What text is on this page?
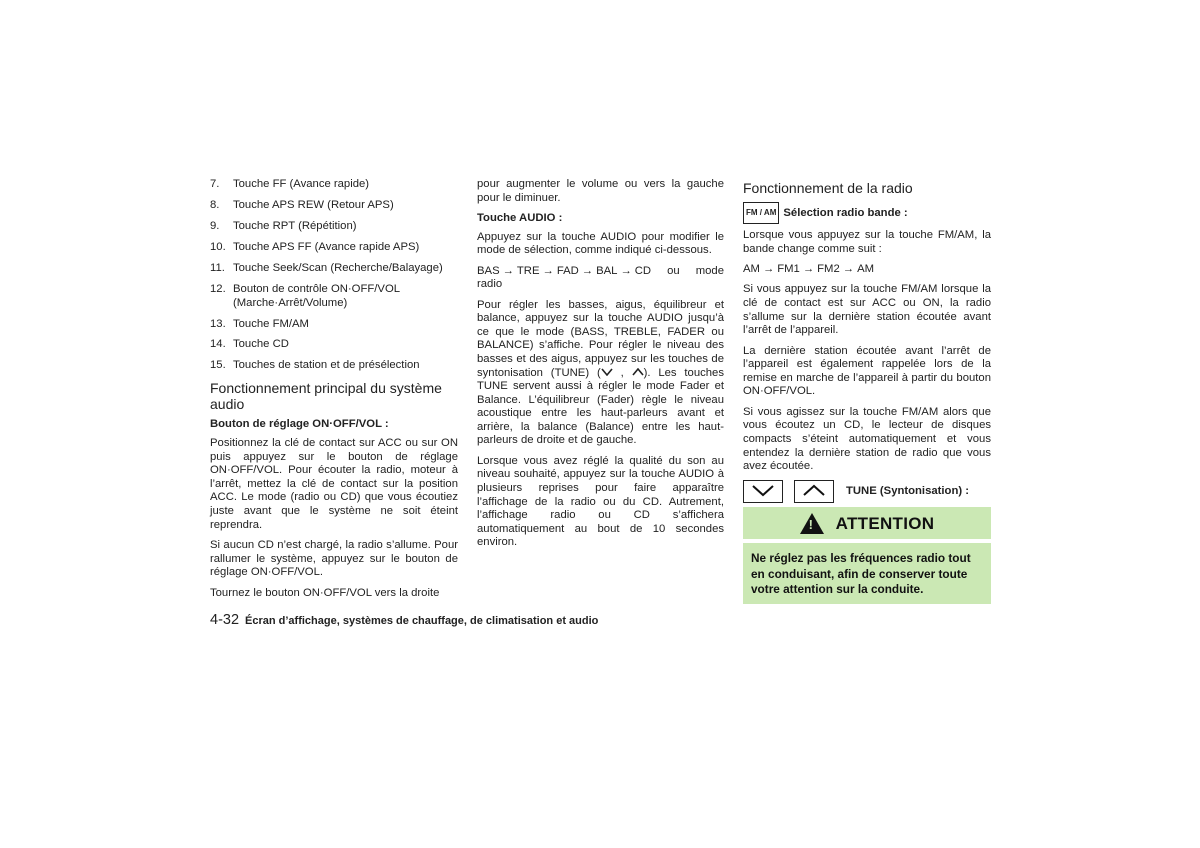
7.	Touche FF (Avance rapide)
8.	Touche APS REW (Retour APS)
9.	Touche RPT (Répétition)
10. Touche APS FF (Avance rapide APS)
11. Touche Seek/Scan (Recherche/Balayage)
12. Bouton de contrôle ON·OFF/VOL (Marche·Arrêt/Volume)
13. Touche FM/AM
14. Touche CD
15. Touches de station et de présélection
Fonctionnement principal du système audio
Bouton de réglage ON·OFF/VOL :
Positionnez la clé de contact sur ACC ou sur ON puis appuyez sur le bouton de réglage ON·OFF/VOL. Pour écouter la radio, moteur à l’arrêt, mettez la clé de contact sur la position ACC. Le mode (radio ou CD) que vous écoutiez juste avant que le système ne soit éteint reprendra.
Si aucun CD n’est chargé, la radio s’allume. Pour rallumer le système, appuyez sur le bouton de réglage ON·OFF/VOL.
Tournez le bouton ON·OFF/VOL vers la droite
pour augmenter le volume ou vers la gauche pour le diminuer.
Touche AUDIO :
Appuyez sur la touche AUDIO pour modifier le mode de sélection, comme indiqué ci-dessous.
BAS → TRE → FAD → BAL → CD ou mode radio
Pour régler les basses, aigus, équilibreur et balance, appuyez sur la touche AUDIO jusqu’à ce que le mode (BASS, TREBLE, FADER ou BALANCE) s’affiche. Pour régler le niveau des basses et des aigus, appuyez sur les touches de syntonisation (TUNE) ( , ). Les touches TUNE servent aussi à régler le mode Fader et Balance. L’équilibreur (Fader) règle le niveau acoustique entre les haut-parleurs avant et arrière, la balance (Balance) entre les haut-parleurs de droite et de gauche.
Lorsque vous avez réglé la qualité du son au niveau souhaité, appuyez sur la touche AUDIO à plusieurs reprises pour faire apparaître l’affichage de la radio ou du CD. Autrement, l’affichage radio ou CD s’affichera automatiquement au bout de 10 secondes environ.
Fonctionnement de la radio
FM / AM Sélection radio bande :
Lorsque vous appuyez sur la touche FM/AM, la bande change comme suit :
AM → FM1 → FM2 → AM
Si vous appuyez sur la touche FM/AM lorsque la clé de contact est sur ACC ou ON, la radio s’allume sur la dernière station écoutée avant l’arrêt de l’appareil.
La dernière station écoutée avant l’arrêt de l’appareil est également rappelée lors de la remise en marche de l’appareil à partir du bouton ON·OFF/VOL.
Si vous agissez sur la touche FM/AM alors que vous écoutez un CD, le lecteur de disques compacts s’éteint automatiquement et vous entendez la dernière station de radio que vous avez écoutée.
TUNE (Syntonisation) :
!
ATTENTION
Ne réglez pas les fréquences radio tout en conduisant, afin de conserver toute votre attention sur la conduite.
4-32 Écran d’affichage, systèmes de chauffage, de climatisation et audio
